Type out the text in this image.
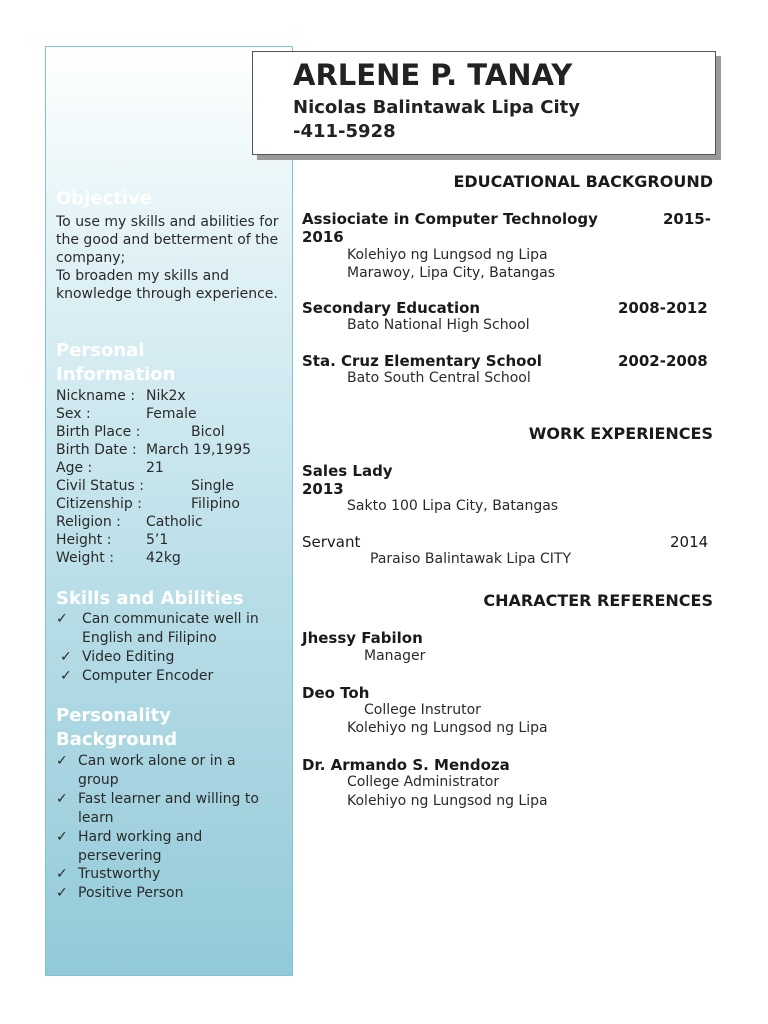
Objective
To use my skills and abilities for the good and betterment of the company;
To broaden my skills and knowledge through experience.
Personal Information
Nickname : Nik2x
Sex :	Female
Birth Place :	Bicol
Birth Date : March 19,1995
Age :	21
Civil Status :	Single
Citizenship :	Filipino
Religion : Catholic
Height : 5’1
Weight : 42kg
Skills and Abilities
✓ Can communicate well in English and Filipino
✓ Video Editing
✓ Computer Encoder
Personality Background
✓ Can work alone or in a group
✓ Fast learner and willing to learn
✓ Hard working and persevering
✓ Trustworthy
✓ Positive Person
ARLENE P. TANAY
Nicolas Balintawak Lipa City
-411-5928
EDUCATIONAL BACKGROUND
Assiociate in Computer Technology	2015-
2016
Kolehiyo ng Lungsod ng Lipa
Marawoy, Lipa City, Batangas
Secondary Education	2008-2012
Bato National High School
Sta. Cruz Elementary School	2002-2008
Bato South Central School
WORK EXPERIENCES
Sales Lady
2013
Sakto 100 Lipa City, Batangas
Servant	2014
Paraiso Balintawak Lipa CITY
CHARACTER REFERENCES
Jhessy Fabilon
Manager
Deo Toh
College Instrutor
Kolehiyo ng Lungsod ng Lipa
Dr. Armando S. Mendoza
College Administrator
Kolehiyo ng Lungsod ng Lipa
